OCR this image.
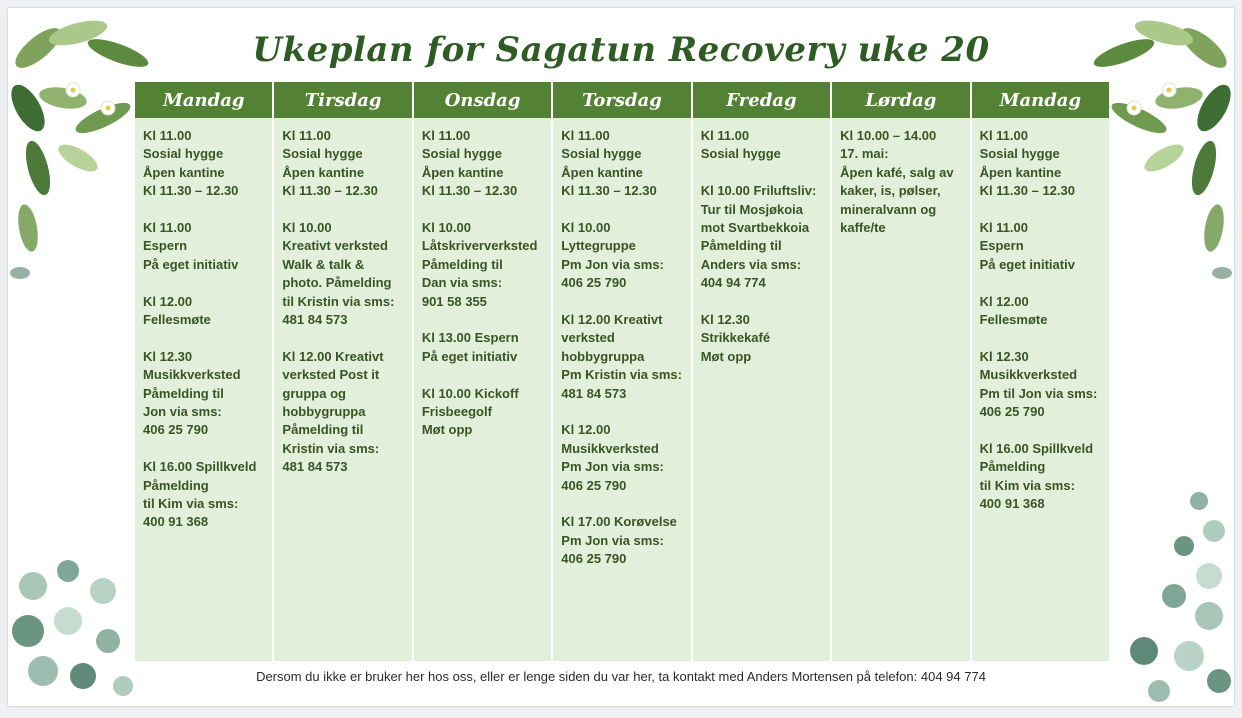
Ukeplan for Sagatun Recovery uke 20
Mandag
Kl 11.00
Sosial hygge
Åpen kantine
Kl 11.30 – 12.30
Kl 11.00
Espern
På eget initiativ
Kl 12.00
Fellesmøte
Kl 12.30
Musikkverksted
Påmelding til
Jon via sms:
406 25 790
Kl 16.00 Spillkveld
Påmelding
til Kim via sms:
400 91 368
Tirsdag
Kl 11.00
Sosial hygge
Åpen kantine
Kl 11.30 – 12.30
Kl 10.00
Kreativt verksted
Walk & talk &
photo. Påmelding
til Kristin via sms:
481 84 573
Kl 12.00 Kreativt
verksted Post it
gruppa og
hobbygruppa
Påmelding til
Kristin via sms:
481 84 573
Onsdag
Kl 11.00
Sosial hygge
Åpen kantine
Kl 11.30 – 12.30
Kl 10.00
Låtskriververksted
Påmelding til
Dan via sms:
901 58 355
Kl 13.00 Espern
På eget initiativ
Kl 10.00 Kickoff
Frisbeegolf
Møt opp
Torsdag
Kl 11.00
Sosial hygge
Åpen kantine
Kl 11.30 – 12.30
Kl 10.00
Lyttegruppe
Pm Jon via sms:
406 25 790
Kl 12.00 Kreativt
verksted
hobbygruppa
Pm Kristin via sms:
481 84 573
Kl 12.00
Musikkverksted
Pm Jon via sms:
406 25 790
Kl 17.00 Korøvelse
Pm Jon via sms:
406 25 790
Fredag
Kl 11.00
Sosial hygge
Kl 10.00 Friluftsliv:
Tur til Mosjøkoia
mot Svartbekkoia
Påmelding til
Anders via sms:
404 94 774
Kl 12.30
Strikkekafé
Møt opp
Lørdag
Kl 10.00 – 14.00
17. mai:
Åpen kafé, salg av
kaker, is, pølser,
mineralvann og
kaffe/te
Mandag
Kl 11.00
Sosial hygge
Åpen kantine
Kl 11.30 – 12.30
Kl 11.00
Espern
På eget initiativ
Kl 12.00
Fellesmøte
Kl 12.30
Musikkverksted
Pm til Jon via sms:
406 25 790
Kl 16.00 Spillkveld
Påmelding
til Kim via sms:
400 91 368
Dersom du ikke er bruker her hos oss, eller er lenge siden du var her, ta kontakt med Anders Mortensen på telefon: 404 94 774
